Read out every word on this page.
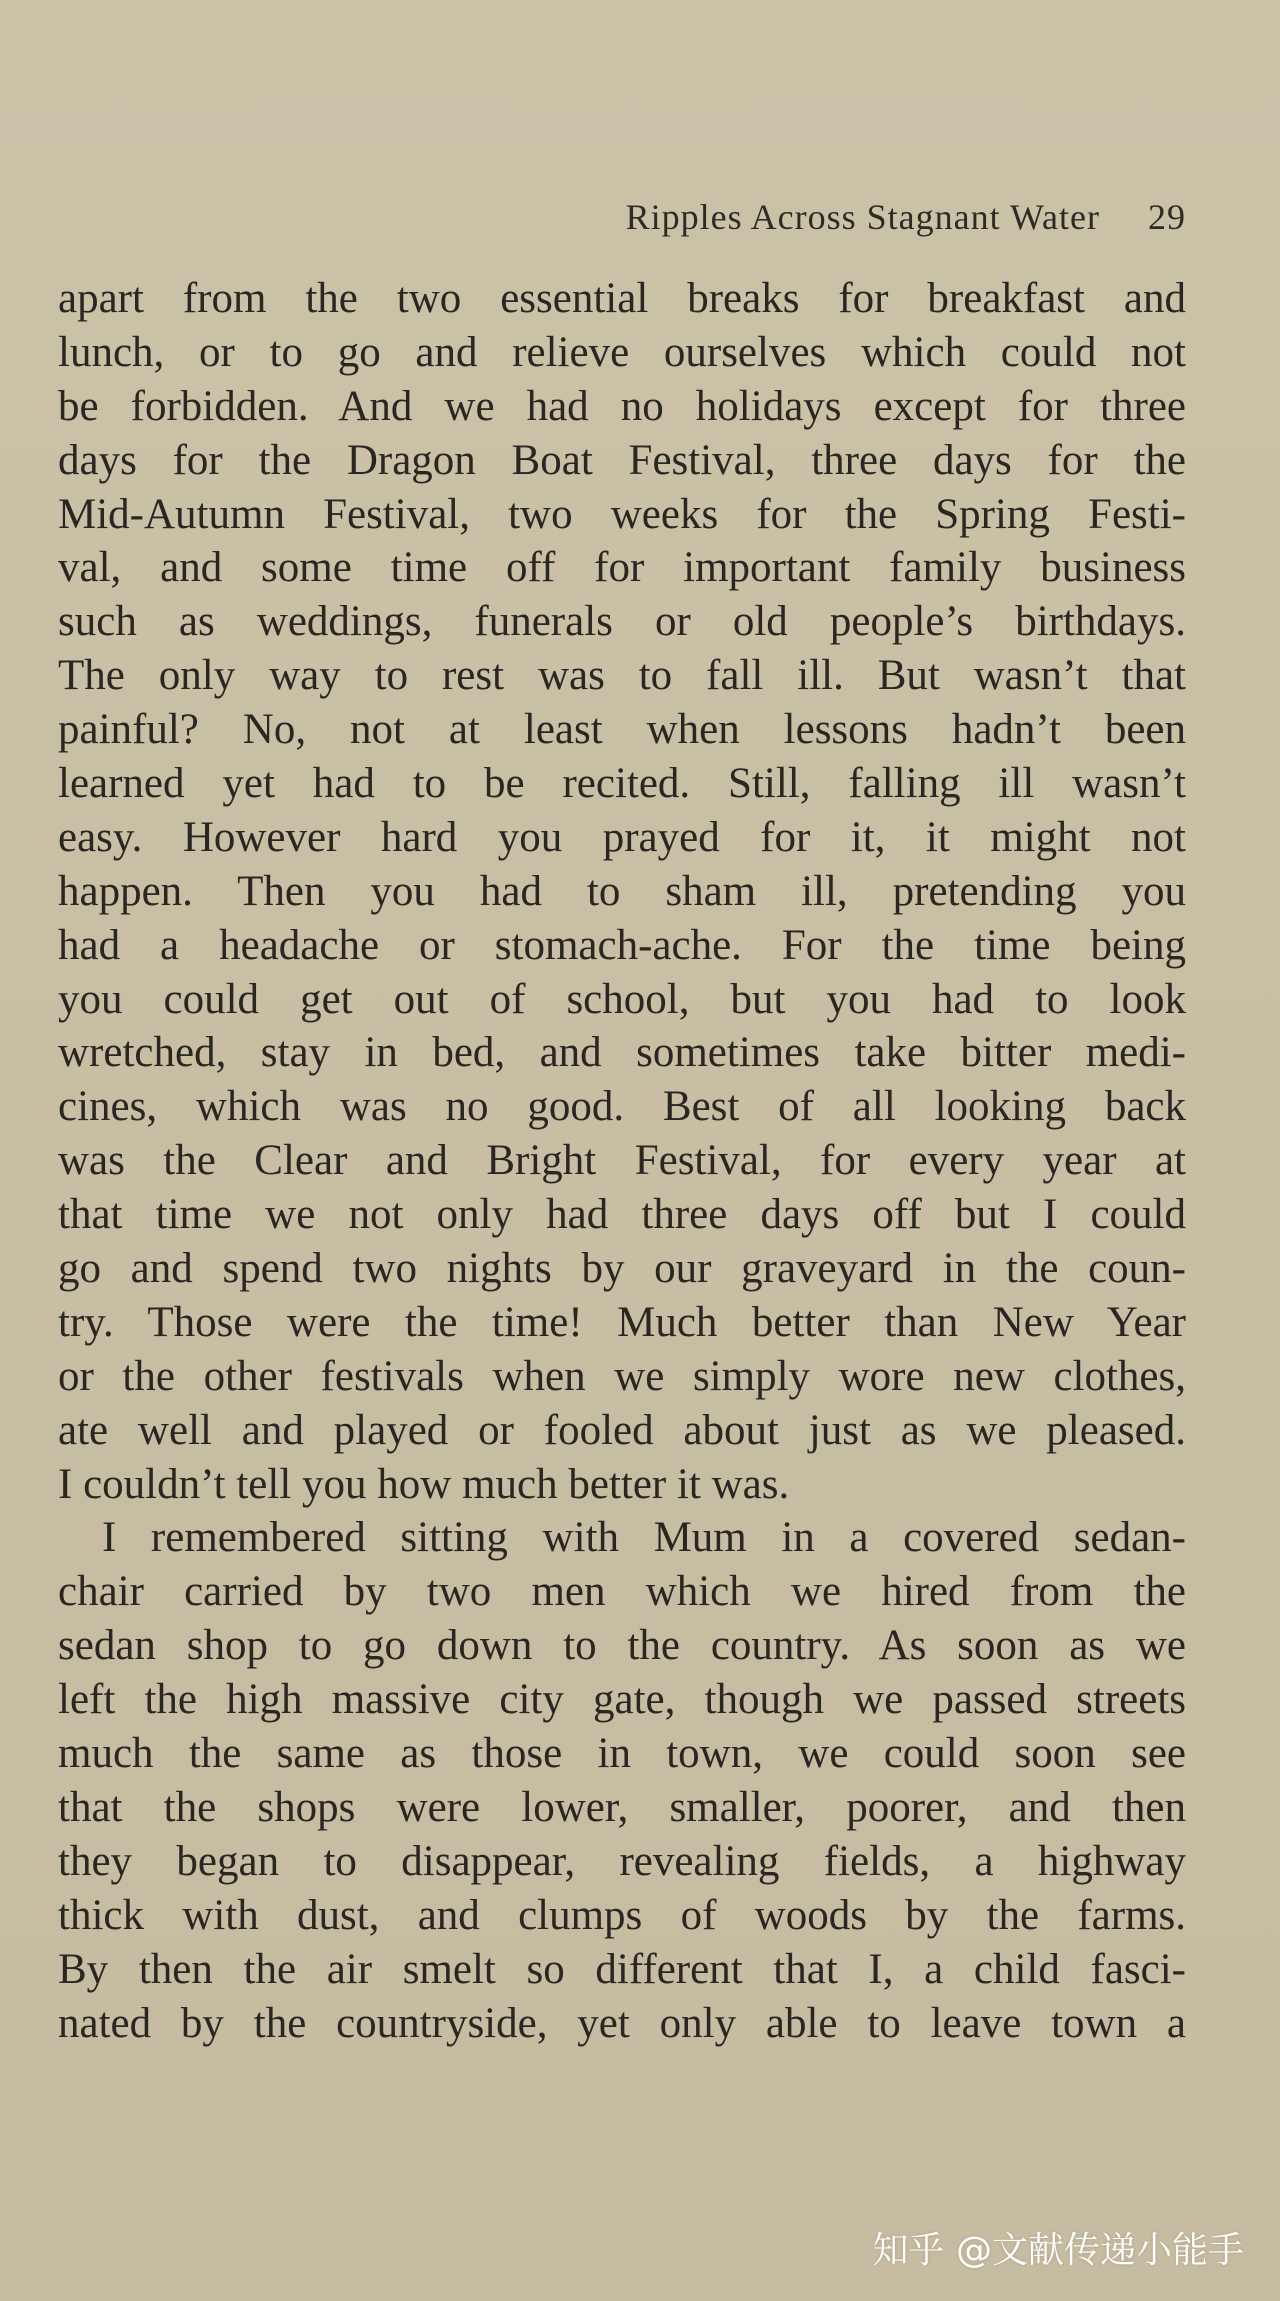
Ripples Across Stagnant Water 29
apart from the two essential breaks for breakfast and
lunch, or to go and relieve ourselves which could not
be forbidden. And we had no holidays except for three
days for the Dragon Boat Festival, three days for the
Mid-Autumn Festival, two weeks for the Spring Festi-
val, and some time off for important family business
such as weddings, funerals or old people’s birthdays.
The only way to rest was to fall ill. But wasn’t that
painful? No, not at least when lessons hadn’t been
learned yet had to be recited. Still, falling ill wasn’t
easy. However hard you prayed for it, it might not
happen. Then you had to sham ill, pretending you
had a headache or stomach-ache. For the time being
you could get out of school, but you had to look
wretched, stay in bed, and sometimes take bitter medi-
cines, which was no good. Best of all looking back
was the Clear and Bright Festival, for every year at
that time we not only had three days off but I could
go and spend two nights by our graveyard in the coun-
try. Those were the time! Much better than New Year
or the other festivals when we simply wore new clothes,
ate well and played or fooled about just as we pleased.
I couldn’t tell you how much better it was.
I remembered sitting with Mum in a covered sedan-
chair carried by two men which we hired from the
sedan shop to go down to the country. As soon as we
left the high massive city gate, though we passed streets
much the same as those in town, we could soon see
that the shops were lower, smaller, poorer, and then
they began to disappear, revealing fields, a highway
thick with dust, and clumps of woods by the farms.
By then the air smelt so different that I, a child fasci-
nated by the countryside, yet only able to leave town a
知乎 @文献传递小能手
